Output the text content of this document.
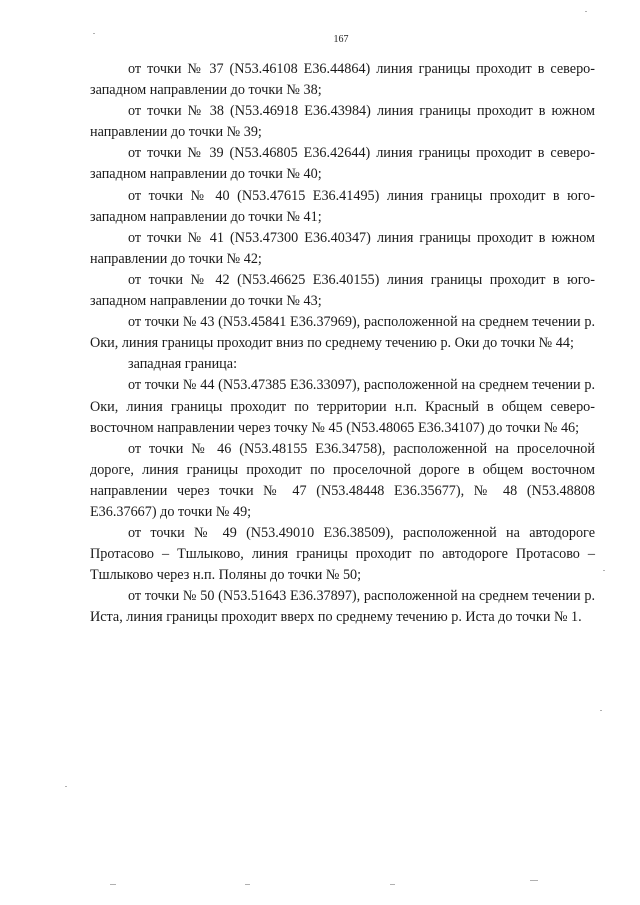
167

от точки № 37 (N53.46108 E36.44864) линия границы проходит в северо-западном направлении до точки № 38;

от точки № 38 (N53.46918 E36.43984) линия границы проходит в южном направлении до точки № 39;

от точки № 39 (N53.46805 E36.42644) линия границы проходит в северо-западном направлении до точки № 40;

от точки № 40 (N53.47615 E36.41495) линия границы проходит в юго-западном направлении до точки № 41;

от точки № 41 (N53.47300 E36.40347) линия границы проходит в южном направлении до точки № 42;

от точки № 42 (N53.46625 E36.40155) линия границы проходит в юго-западном направлении до точки № 43;

от точки № 43 (N53.45841 E36.37969), расположенной на среднем течении р. Оки, линия границы проходит вниз по среднему течению р. Оки до точки № 44;

западная граница:

от точки № 44 (N53.47385 E36.33097), расположенной на среднем течении р. Оки, линия границы проходит по территории н.п. Красный в общем северо-восточном направлении через точку № 45 (N53.48065 E36.34107) до точки № 46;

от точки № 46 (N53.48155 E36.34758), расположенной на проселочной дороге, линия границы проходит по проселочной дороге в общем восточном направлении через точки № 47 (N53.48448 E36.35677), № 48 (N53.48808 E36.37667) до точки № 49;

от точки № 49 (N53.49010 E36.38509), расположенной на автодороге Протасово – Тшлыково, линия границы проходит по автодороге Протасово – Тшлыково через н.п. Поляны до точки № 50;

от точки № 50 (N53.51643 E36.37897), расположенной на среднем течении р. Иста, линия границы проходит вверх по среднему течению р. Иста до точки № 1.
